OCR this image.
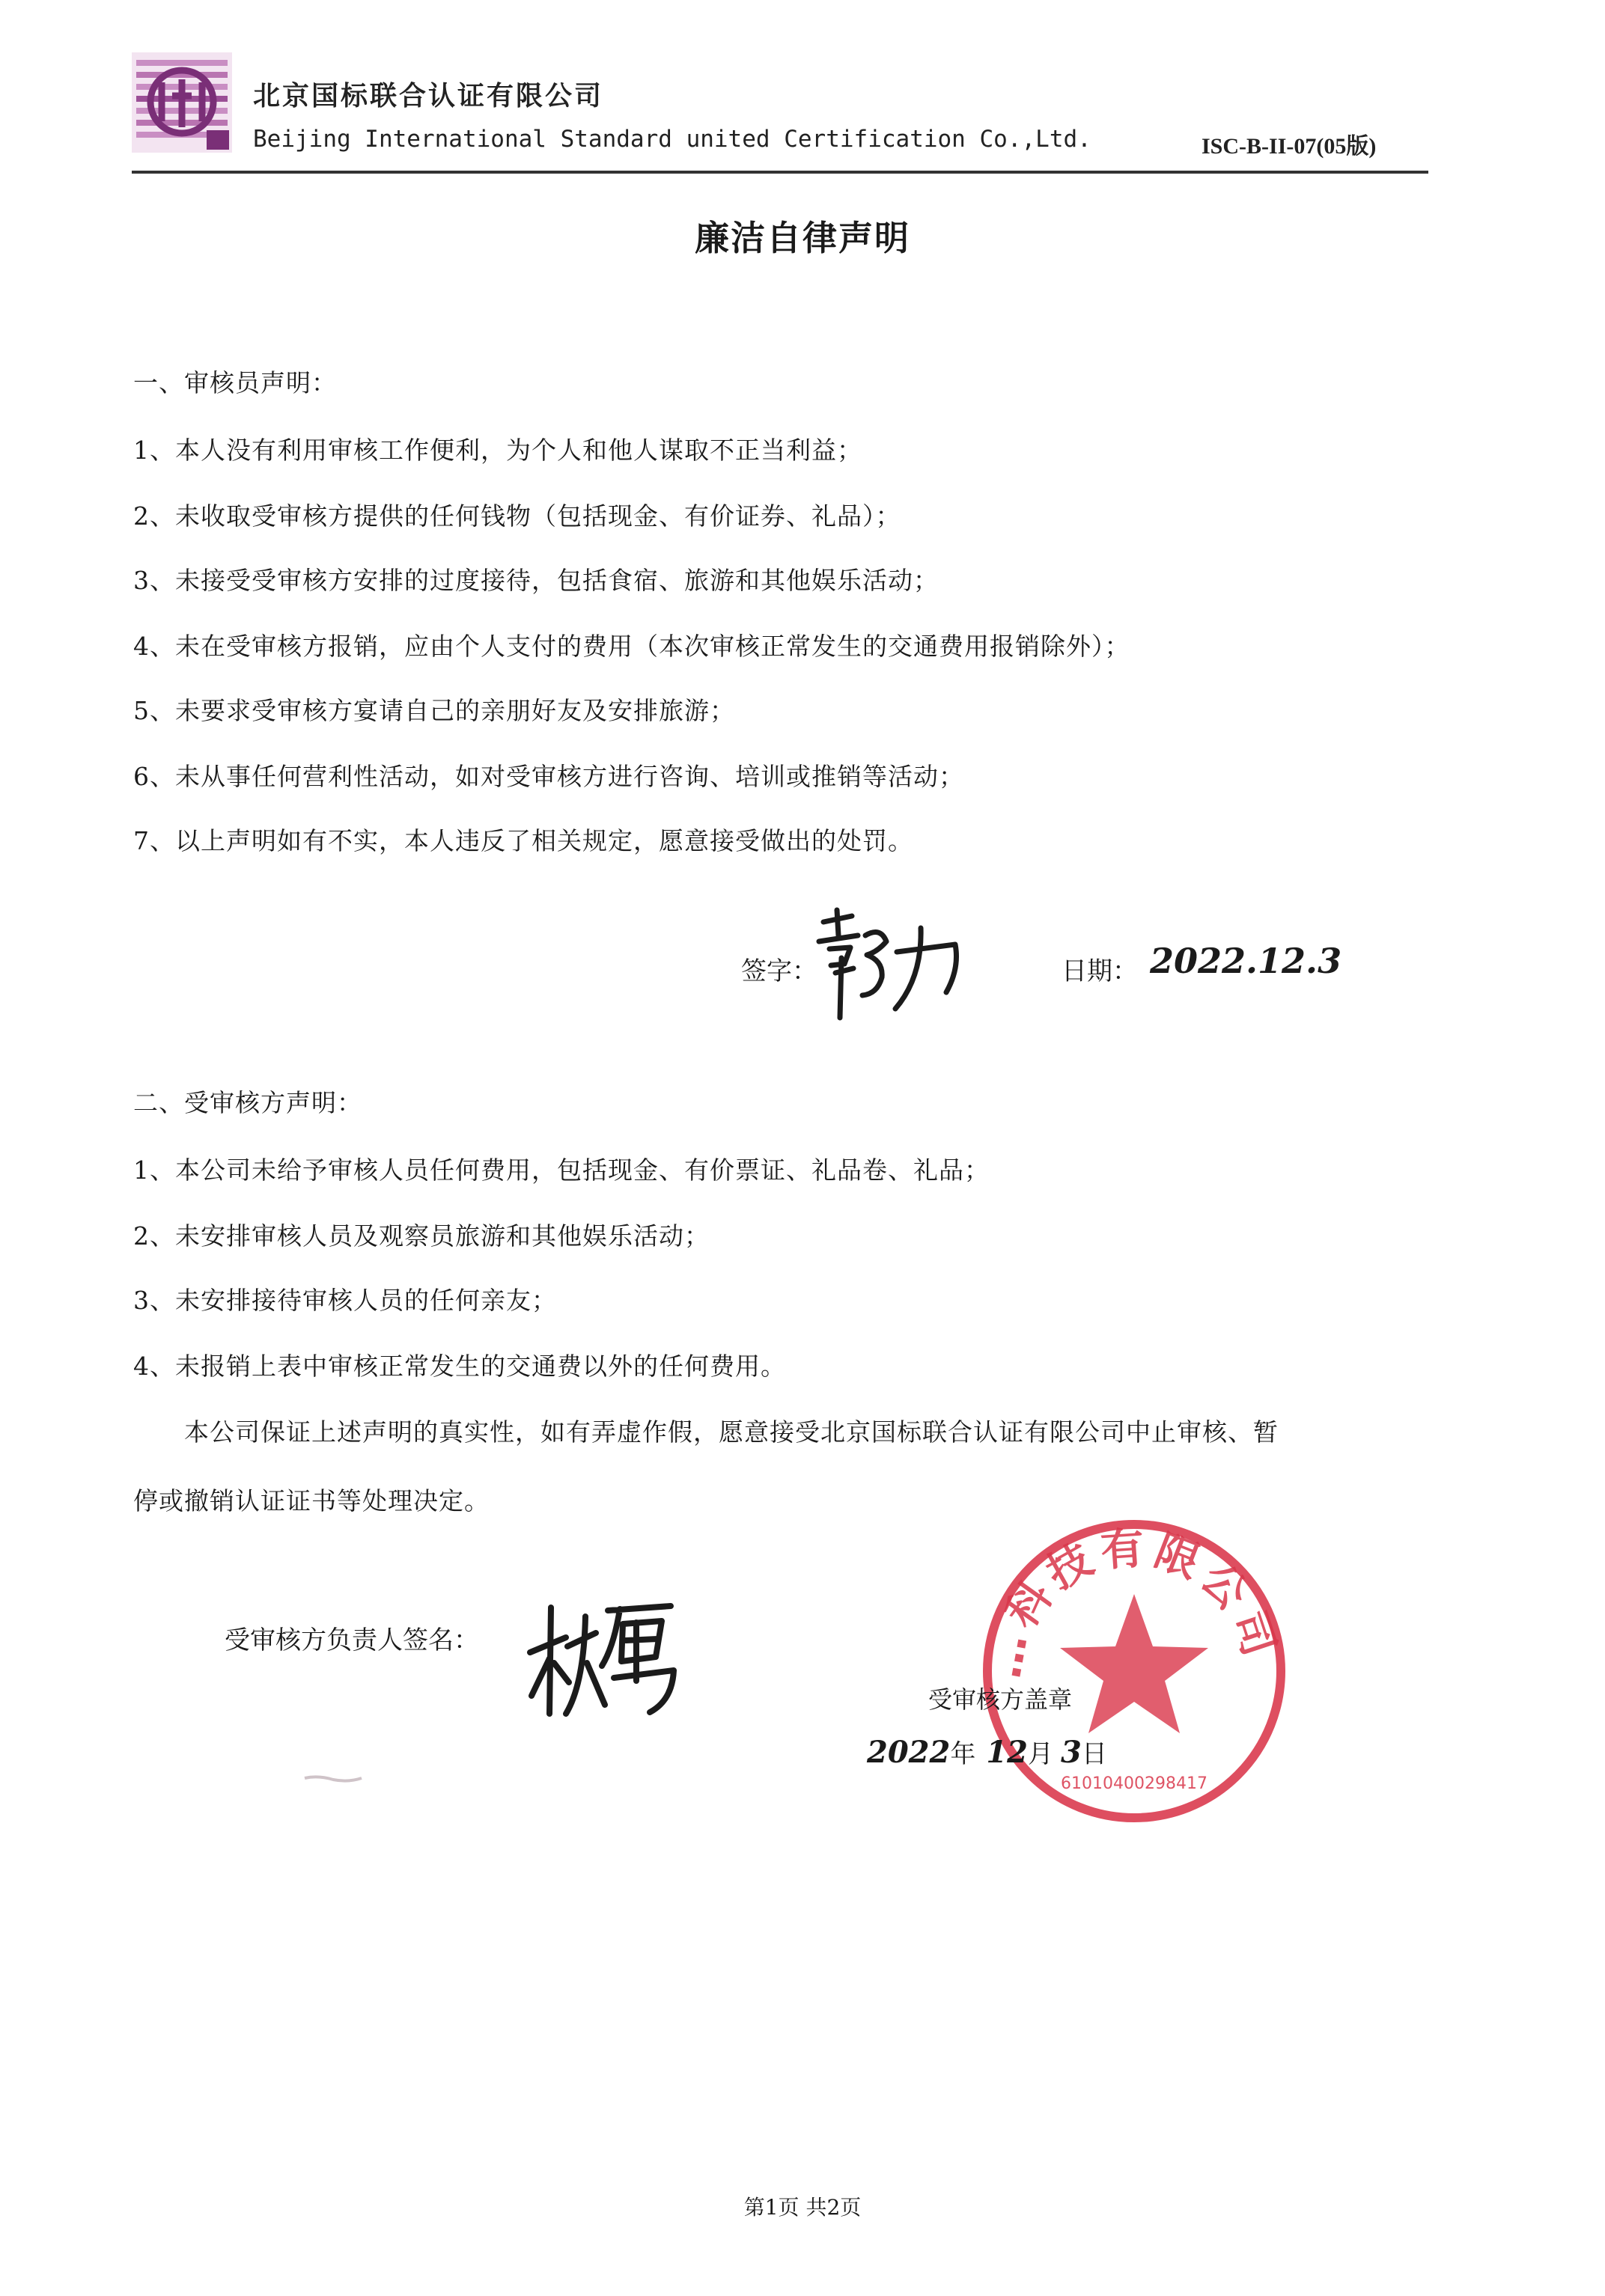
北京国标联合认证有限公司
Beijing International Standard united Certification Co.,Ltd.	ISC-B-II-07(05版)
廉洁自律声明
一、审核员声明：
1、本人没有利用审核工作便利，为个人和他人谋取不正当利益；
2、未收取受审核方提供的任何钱物（包括现金、有价证券、礼品）；
3、未接受受审核方安排的过度接待，包括食宿、旅游和其他娱乐活动；
4、未在受审核方报销，应由个人支付的费用（本次审核正常发生的交通费用报销除外）；
5、未要求受审核方宴请自己的亲朋好友及安排旅游；
6、未从事任何营利性活动，如对受审核方进行咨询、培训或推销等活动；
7、以上声明如有不实，本人违反了相关规定，愿意接受做出的处罚。
签字：	日期： 2022.12.3
二、受审核方声明：
1、本公司未给予审核人员任何费用，包括现金、有价票证、礼品卷、礼品；
2、未安排审核人员及观察员旅游和其他娱乐活动；
3、未安排接待审核人员的任何亲友；
4、未报销上表中审核正常发生的交通费以外的任何费用。
本公司保证上述声明的真实性，如有弄虚作假，愿意接受北京国标联合认证有限公司中止审核、暂
停或撤销认证证书等处理决定。
受审核方负责人签名：	…科技有限公司
61010400298417
受审核方盖章
2022年 12月 3日
第1页 共2页
